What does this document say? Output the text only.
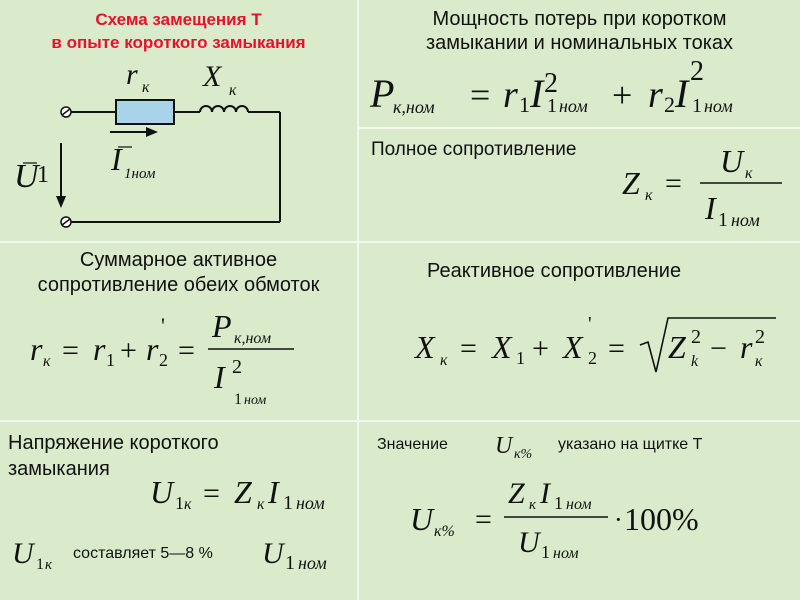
Схема замещения Т
в опыте короткого замыкания
r к X к
U
1 I 1ном
Мощность потерь при коротком
замыкании и номинальных токах
P
к,ном = r 1 I 2
1 ном + r 2 I 2
1 ном
Z к =
U к
I 1 ном
r к = r 1 + r 2
'
=
P к,ном
I 2
1 ном
X к = X 1 + X
'
2 = Z 2
k − r 2
к
U 1 к = Z к I 1 ном
U 1 к	U 1 ном
U к%
U к% =
Z к I 1 ном
U 1 ном
· 100%
Полное сопротивление
Суммарное активное
сопротивление обеих обмоток
Реактивное сопротивление
Напряжение короткого
замыкания
составляет 5—8 %
Значение	указано на щитке Т
